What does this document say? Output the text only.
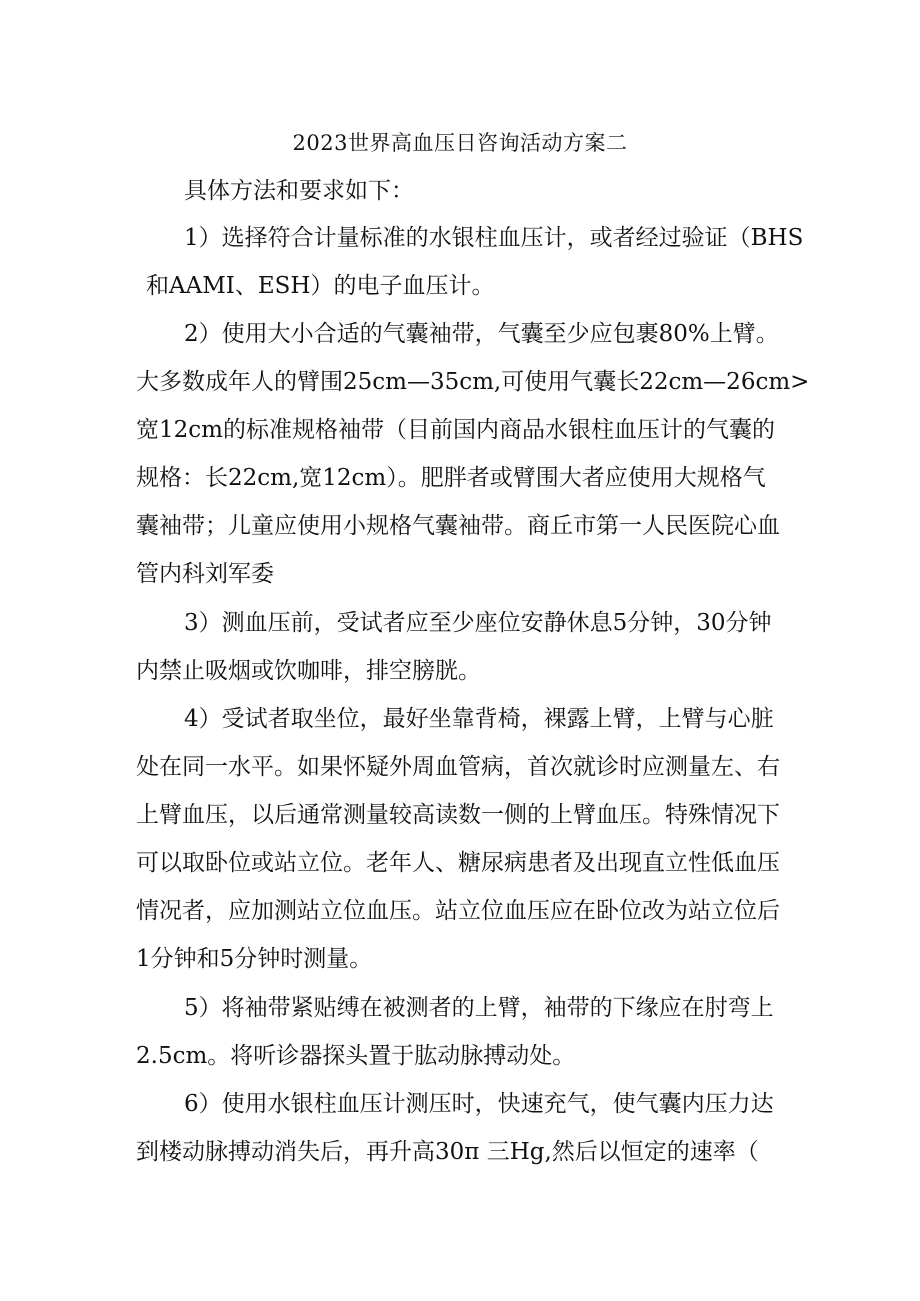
2023世界高血压日咨询活动方案二
具体方法和要求如下：
1）选择符合计量标准的水银柱血压计，或者经过验证（BHS
和AAMI、ESH）的电子血压计。
2）使用大小合适的气囊袖带，气囊至少应包裹80%上臂。
大多数成年人的臂围25cm—35cm,可使用气囊长22cm—26cm>
宽12cm的标准规格袖带（目前国内商品水银柱血压计的气囊的
规格：长22cm,宽12cm）。肥胖者或臂围大者应使用大规格气
囊袖带；儿童应使用小规格气囊袖带。商丘市第一人民医院心血
管内科刘军委
3）测血压前，受试者应至少座位安静休息5分钟，30分钟
内禁止吸烟或饮咖啡，排空膀胱。
4）受试者取坐位，最好坐靠背椅，裸露上臂，上臂与心脏
处在同一水平。如果怀疑外周血管病，首次就诊时应测量左、右
上臂血压，以后通常测量较高读数一侧的上臂血压。特殊情况下
可以取卧位或站立位。老年人、糖尿病患者及出现直立性低血压
情况者，应加测站立位血压。站立位血压应在卧位改为站立位后
1分钟和5分钟时测量。
5）将袖带紧贴缚在被测者的上臂，袖带的下缘应在肘弯上
2.5cm。将听诊器探头置于肱动脉搏动处。
6）使用水银柱血压计测压时，快速充气，使气囊内压力达
到楼动脉搏动消失后，再升高30π 三Hg,然后以恒定的速率（
